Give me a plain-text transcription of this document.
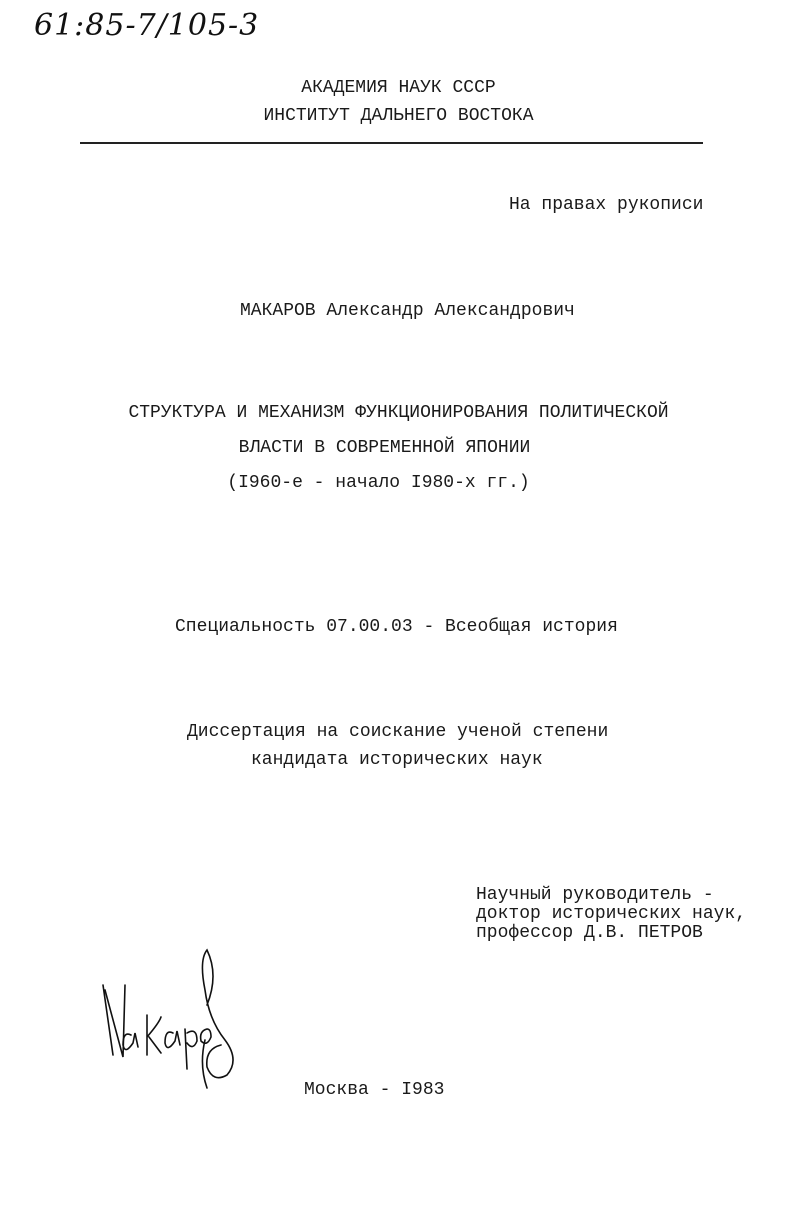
61:85-7/105-3
АКАДЕМИЯ НАУК СССР
ИНСТИТУТ ДАЛЬНЕГО ВОСТОКА
На правах рукописи
МАКАРОВ Александр Александрович
СТРУКТУРА И МЕХАНИЗМ ФУНКЦИОНИРОВАНИЯ ПОЛИТИЧЕСКОЙ
ВЛАСТИ В СОВРЕМЕННОЙ ЯПОНИИ
(I960-е - начало I980-х гг.)
Специальность 07.00.03 - Всеобщая история
Диссертация на соискание ученой степени
кандидата исторических наук
Научный руководитель -
доктор исторических наук,
профессор Д.В. ПЕТРОВ
Москва - I983
